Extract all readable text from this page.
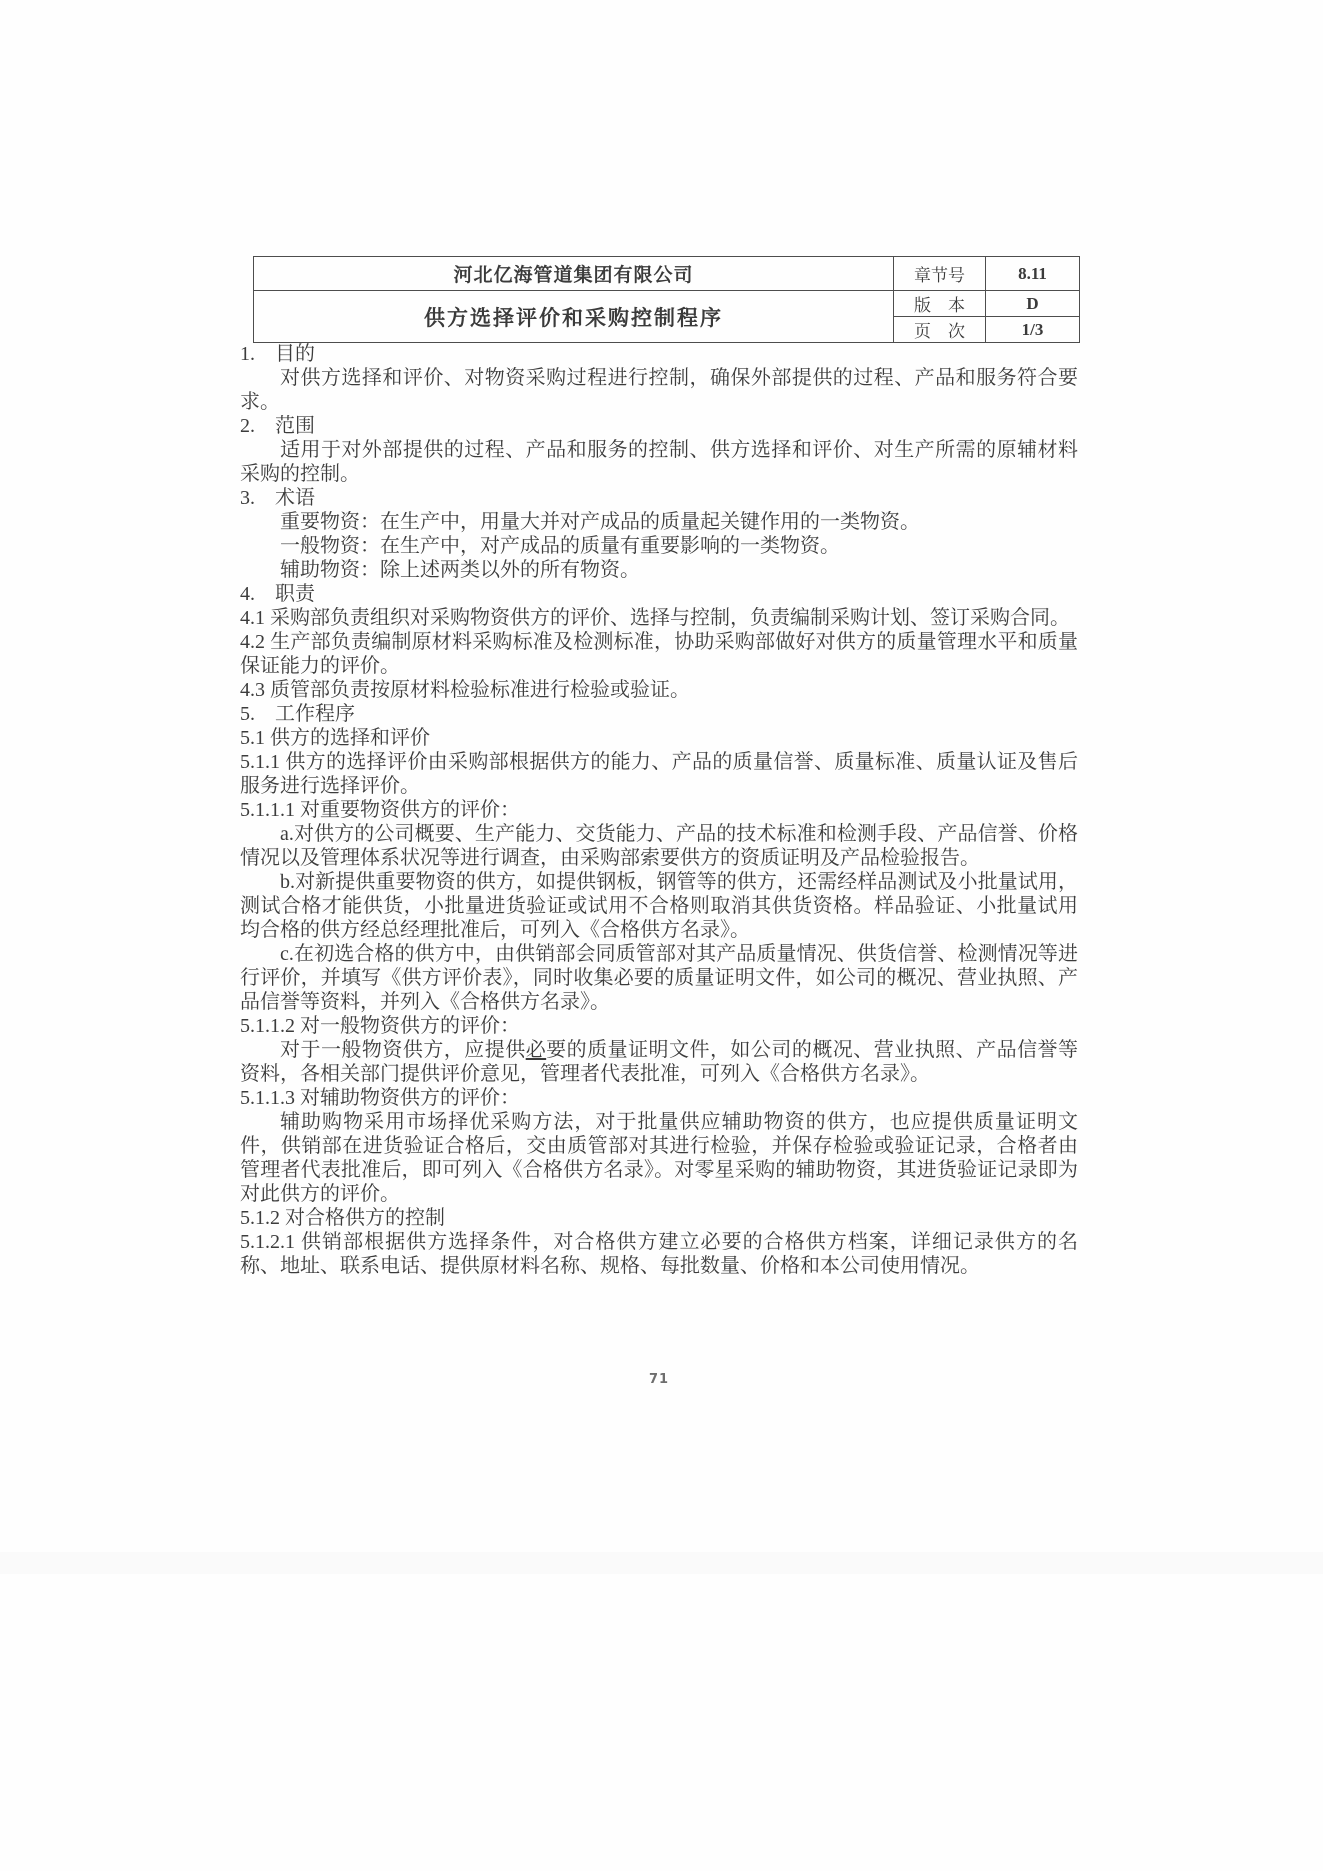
河北亿海管道集团有限公司	章节号	8.11
供方选择评价和采购控制程序	版　本	D
	页　次	1/3

1.　目的

对供方选择和评价、对物资采购过程进行控制，确保外部提供的过程、产品和服务符合要求。

2.　范围

适用于对外部提供的过程、产品和服务的控制、供方选择和评价、对生产所需的原辅材料采购的控制。

3.　术语

重要物资：在生产中，用量大并对产成品的质量起关键作用的一类物资。

一般物资：在生产中，对产成品的质量有重要影响的一类物资。

辅助物资：除上述两类以外的所有物资。

4.　职责

4.1 采购部负责组织对采购物资供方的评价、选择与控制，负责编制采购计划、签订采购合同。

4.2 生产部负责编制原材料采购标准及检测标准，协助采购部做好对供方的质量管理水平和质量保证能力的评价。

4.3 质管部负责按原材料检验标准进行检验或验证。

5.　工作程序

5.1 供方的选择和评价

5.1.1 供方的选择评价由采购部根据供方的能力、产品的质量信誉、质量标准、质量认证及售后服务进行选择评价。

5.1.1.1 对重要物资供方的评价：

a.对供方的公司概要、生产能力、交货能力、产品的技术标准和检测手段、产品信誉、价格情况以及管理体系状况等进行调查，由采购部索要供方的资质证明及产品检验报告。

b.对新提供重要物资的供方，如提供钢板，钢管等的供方，还需经样品测试及小批量试用，测试合格才能供货，小批量进货验证或试用不合格则取消其供货资格。样品验证、小批量试用均合格的供方经总经理批准后，可列入《合格供方名录》。

c.在初选合格的供方中，由供销部会同质管部对其产品质量情况、供货信誉、检测情况等进行评价，并填写《供方评价表》，同时收集必要的质量证明文件，如公司的概况、营业执照、产品信誉等资料，并列入《合格供方名录》。

5.1.1.2 对一般物资供方的评价：

对于一般物资供方，应提供必要的质量证明文件，如公司的概况、营业执照、产品信誉等资料，各相关部门提供评价意见，管理者代表批准，可列入《合格供方名录》。

5.1.1.3 对辅助物资供方的评价：

辅助购物采用市场择优采购方法，对于批量供应辅助物资的供方，也应提供质量证明文件，供销部在进货验证合格后，交由质管部对其进行检验，并保存检验或验证记录，合格者由管理者代表批准后，即可列入《合格供方名录》。对零星采购的辅助物资，其进货验证记录即为对此供方的评价。

5.1.2 对合格供方的控制

5.1.2.1 供销部根据供方选择条件，对合格供方建立必要的合格供方档案，详细记录供方的名称、地址、联系电话、提供原材料名称、规格、每批数量、价格和本公司使用情况。

71
